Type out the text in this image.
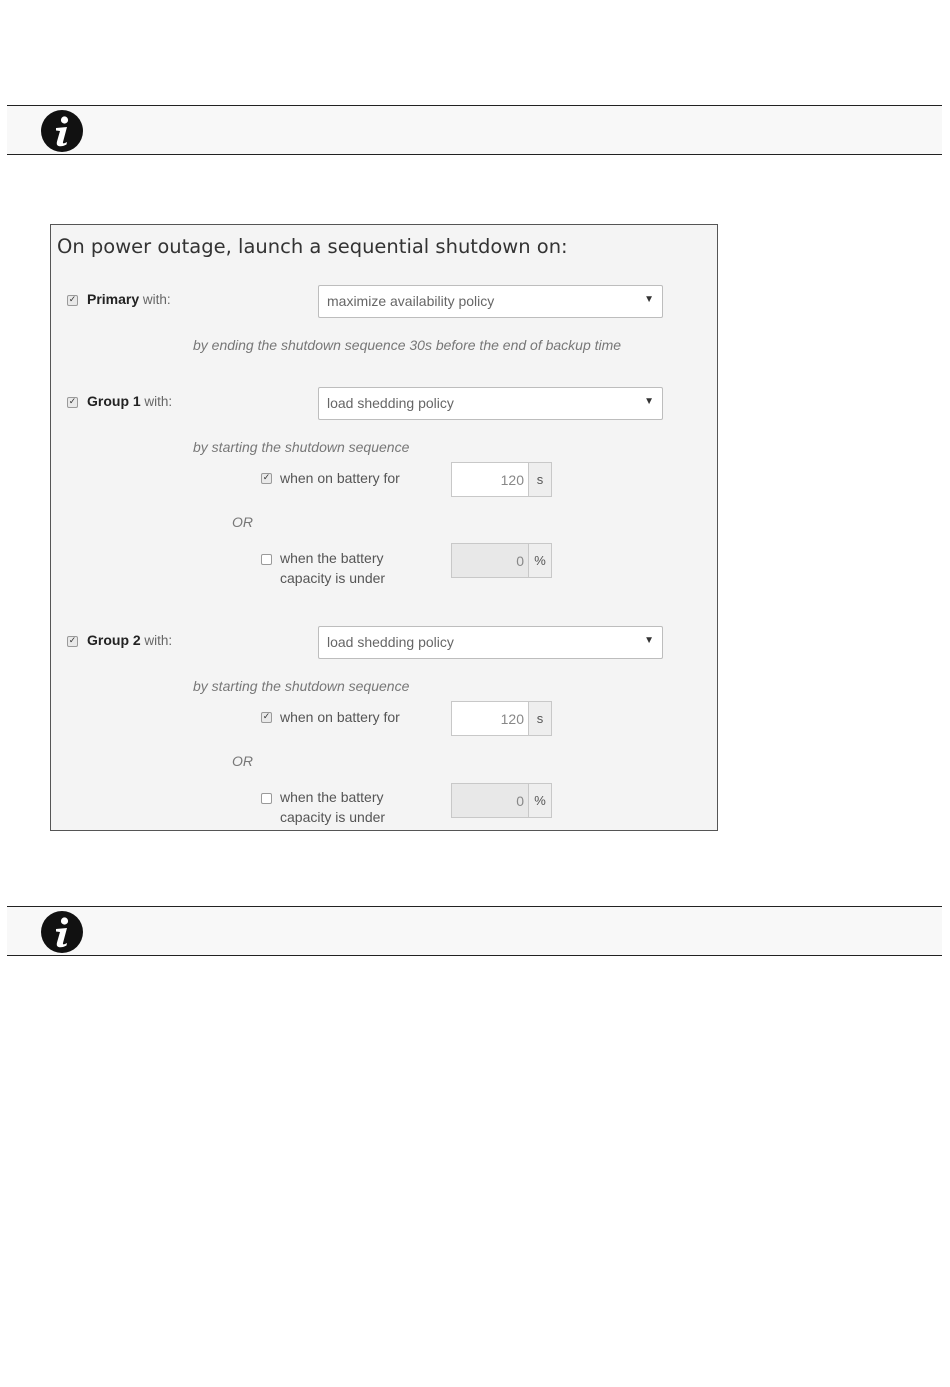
On power outage, launch a sequential shutdown on:
✓ Primary with:	maximize availability policy	▼
by ending the shutdown sequence 30s before the end of backup time
✓ Group 1 with:	load shedding policy	▼
by starting the shutdown sequence
✓ when on battery for	120 s
OR
when the battery
capacity is under
0 %
✓ Group 2 with:	load shedding policy	▼
by starting the shutdown sequence
✓ when on battery for	120 s
OR
when the battery
capacity is under
0 %
